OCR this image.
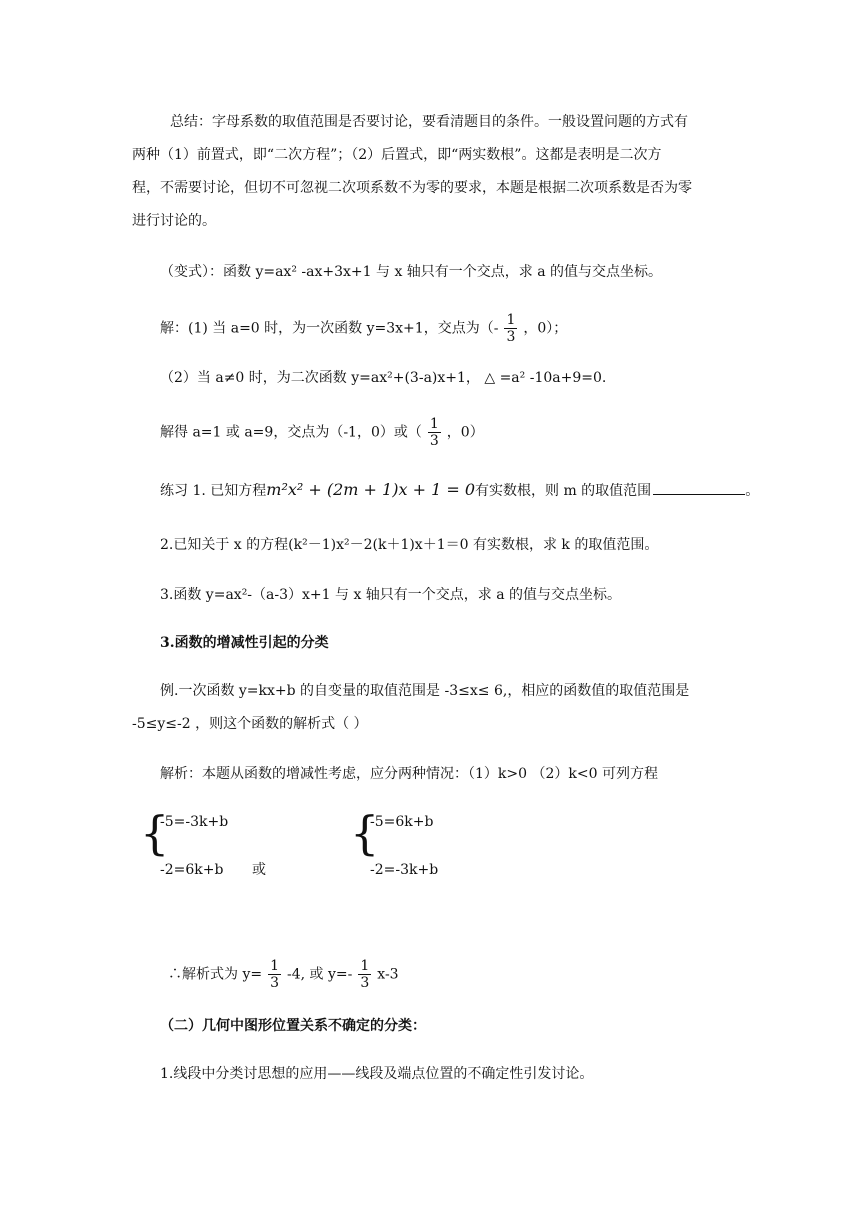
总结：字母系数的取值范围是否要讨论，要看清题目的条件。一般设置问题的方式有
两种（1）前置式，即“二次方程”；（2）后置式，即“两实数根”。这都是表明是二次方
程，不需要讨论，但切不可忽视二次项系数不为零的要求，本题是根据二次项系数是否为零
进行讨论的。
（变式）：函数 y=ax² -ax+3x+1 与 x 轴只有一个交点，求 a 的值与交点坐标。
解：(1) 当 a=0 时，为一次函数 y=3x+1，交点为（- $\frac{1}{3}$ ，0）；
（2）当 a≠0 时，为二次函数 y=ax²+(3-a)x+1， △ =a² -10a+9=0.
解得 a=1 或 a=9，交点为（-1，0）或（ $\frac{1}{3}$ ，0）
练习 1. 已知方程m²x² + (2m + 1)x + 1 = 0有实数根，则 m 的取值范围	。
2.已知关于 x 的方程(k²－1)x²－2(k＋1)x＋1＝0 有实数根，求 k 的取值范围。
3.函数 y=ax²-（a-3）x+1 与 x 轴只有一个交点，求 a 的值与交点坐标。
3.函数的增减性引起的分类
例.一次函数 y=kx+b 的自变量的取值范围是 -3≤x≤ 6,，相应的函数值的取值范围是
-5≤y≤-2 ，则这个函数的解析式（ ）
解析：本题从函数的增减性考虑，应分两种情况：（1）k>0 （2）k<0 可列方程
{
-5=-3k+b
-2=6k+b 或
{
-5=6k+b
-2=-3k+b
∴解析式为 $y= \frac{1}{3} -4$, 或 $y=- \frac{1}{3} x-3$
（二）几何中图形位置关系不确定的分类：
1.线段中分类讨思想的应用——线段及端点位置的不确定性引发讨论。
